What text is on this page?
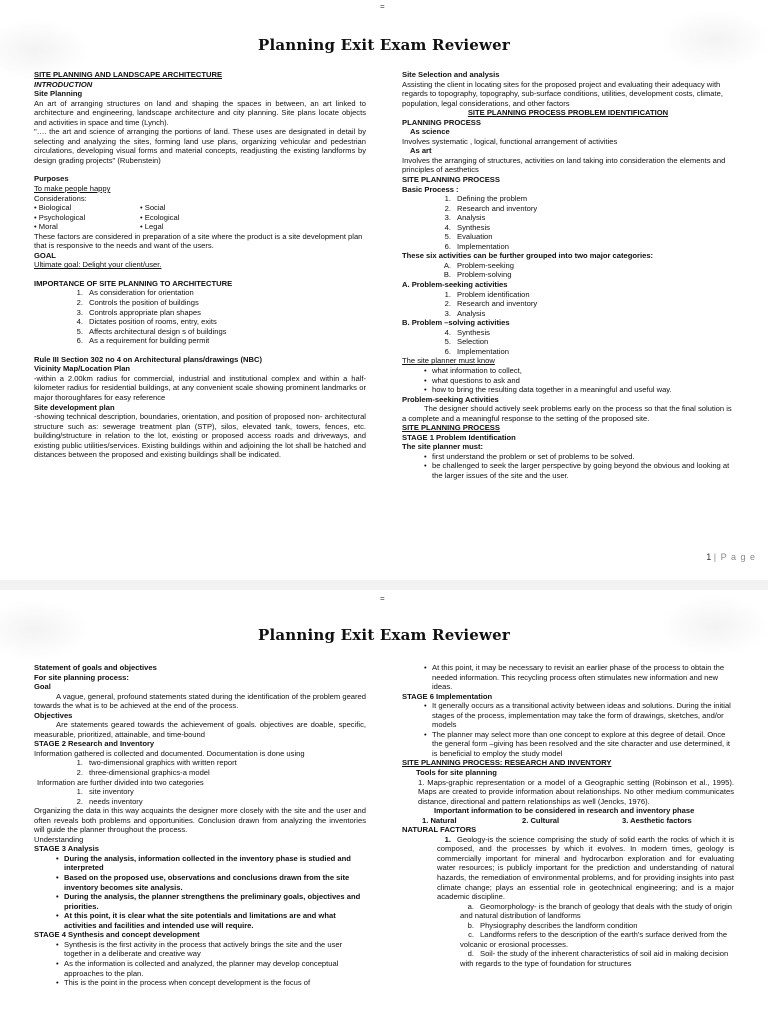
=
Planning Exit Exam Reviewer

SITE PLANNING AND LANDSCAPE ARCHITECTURE

INTRODUCTION

Site Planning

An art of arranging structures on land and shaping the spaces in between, an art linked to architecture and engineering, landscape architecture and city planning. Site plans locate objects and activities in space and time (Lynch).

"…. the art and science of arranging the portions of land. These uses are designated in detail by selecting and analyzing the sites, forming land use plans, organizing vehicular and pedestrian circulations, developing visual forms and material concepts, readjusting the existing landforms by design grading projects" (Rubenstein)

Purposes

To make people happy

Considerations:

• Biological

• Psychological

• Moral

• Social

• Ecological

• Legal

These factors are considered in preparation of a site where the product is a site development plan that is responsive to the needs and want of the users.

GOAL

Ultimate goal: Delight your client/user.

IMPORTANCE OF SITE PLANNING TO ARCHITECTURE

1. As consideration for orientation

2. Controls the position of buildings

3. Controls appropriate plan shapes

4. Dictates position of rooms, entry, exits

5. Affects architectural design s of buildings

6. As a requirement for building permit

Rule III Section 302 no 4 on Architectural plans/drawings (NBC)

Vicinity Map/Location Plan

-within a 2.00km radius for commercial, industrial and institutional complex and within a half-kilometer radius for residential buildings, at any convenient scale showing prominent landmarks or major thoroughfares for easy reference

Site development plan

-showing technical description, boundaries, orientation, and position of proposed non- architectural structure such as: sewerage treatment plan (STP), silos, elevated tank, towers, fences, etc. building/structure in relation to the lot, existing or proposed access roads and driveways, and existing public utilities/services. Existing buildings within and adjoining the lot shall be hatched and distances between the proposed and existing buildings shall be indicated.

Site Selection and analysis

Assisting the client in locating sites for the proposed project and evaluating their adequacy with regards to topography, topography, sub-surface conditions, utilities, development costs, climate, population, legal considerations, and other factors

SITE PLANNING PROCESS PROBLEM IDENTIFICATION

PLANNING PROCESS

As science

Involves systematic , logical, functional arrangement of activities

As art

Involves the arranging of structures, activities on land taking into consideration the elements and principles of aesthetics

SITE PLANNING PROCESS

Basic Process :

1. Defining the problem

2. Research and inventory

3. Analysis

4. Synthesis

5. Evaluation

6. Implementation

These six activities can be further grouped into two major categories:

A. Problem-seeking

B. Problem-solving

A. Problem-seeking activities

1. Problem identification

2. Research and inventory

3. Analysis

B. Problem –solving activities

4. Synthesis

5. Selection

6. Implementation

The site planner must know

• what information to collect,

• what questions to ask and

• how to bring the resulting data together in a meaningful and useful way.

Problem-seeking Activities

The designer should actively seek problems early on the process so that the final solution is a complete and a meaningful response to the setting of the proposed site.

SITE PLANNING PROCESS

STAGE 1 Problem Identification

The site planner must:

• first understand the problem or set of problems to be solved.

• be challenged to seek the larger perspective by going beyond the obvious and looking at the larger issues of the site and the user.

1 | P a g e
=
Planning Exit Exam Reviewer

Statement of goals and objectives

For site planning process:

Goal

A vague, general, profound statements stated during the identification of the problem geared towards the what is to be achieved at the end of the process.

Objectives

Are statements geared towards the achievement of goals. objectives are doable, specific, measurable, prioritized, attainable, and time-bound

STAGE 2 Research and Inventory

Information gathered is collected and documented. Documentation is done using

1. two-dimensional graphics with written report

2. three-dimensional graphics-a model

Information are further divided into two categories

1. site inventory

2. needs inventory

Organizing the data in this way acquaints the designer more closely with the site and the user and often reveals both problems and opportunities. Conclusion drawn from analyzing the inventories will guide the planner throughout the process.

Understanding

STAGE 3 Analysis

• During the analysis, information collected in the inventory phase is studied and interpreted

• Based on the proposed use, observations and conclusions drawn from the site inventory becomes site analysis.

• During the analysis, the planner strengthens the preliminary goals, objectives and priorities.

• At this point, it is clear what the site potentials and limitations are and what activities and facilities and intended use will require.

STAGE 4 Synthesis and concept development

• Synthesis is the first activity in the process that actively brings the site and the user together in a deliberate and creative way

• As the information is collected and analyzed, the planner may develop conceptual approaches to the plan.

• This is the point in the process when concept development is the focus of

• At this point, it may be necessary to revisit an earlier phase of the process to obtain the needed information. This recycling process often stimulates new information and new ideas.

STAGE 6 Implementation

• It generally occurs as a transitional activity between ideas and solutions. During the initial stages of the process, implementation may take the form of drawings, sketches, and/or models

• The planner may select more than one concept to explore at this degree of detail. Once the general form –giving has been resolved and the site character and use determined, it is beneficial to employ the study model

SITE PLANNING PROCESS: RESEARCH AND INVENTORY

Tools for site planning

1. Maps-graphic representation or a model of a Geographic setting (Robinson et al., 1995). Maps are created to provide information about relationships. No other medium communicates distance, directional and pattern relationships as well (Jencks, 1976).

Important information to be considered in research and inventory phase

1. Natural	2. Cultural	3. Aesthetic factors

NATURAL FACTORS

1. Geology-is the science comprising the study of solid earth the rocks of which it is composed, and the processes by which it evolves. In modern times, geology is commercially important for mineral and hydrocarbon exploration and for evaluating water resources; is publicly important for the prediction and understanding of natural hazards, the remediation of environmental problems, and for providing insights into past climate change; plays an essential role in geotechnical engineering; and is a major academic discipline.

a. Geomorphology- is the branch of geology that deals with the study of origin and natural distribution of landforms

b. Physiography describes the landform condition

c. Landforms refers to the description of the earth's surface derived from the volcanic or erosional processes.

d. Soil- the study of the inherent characteristics of soil aid in making decision with regards to the type of foundation for structures
